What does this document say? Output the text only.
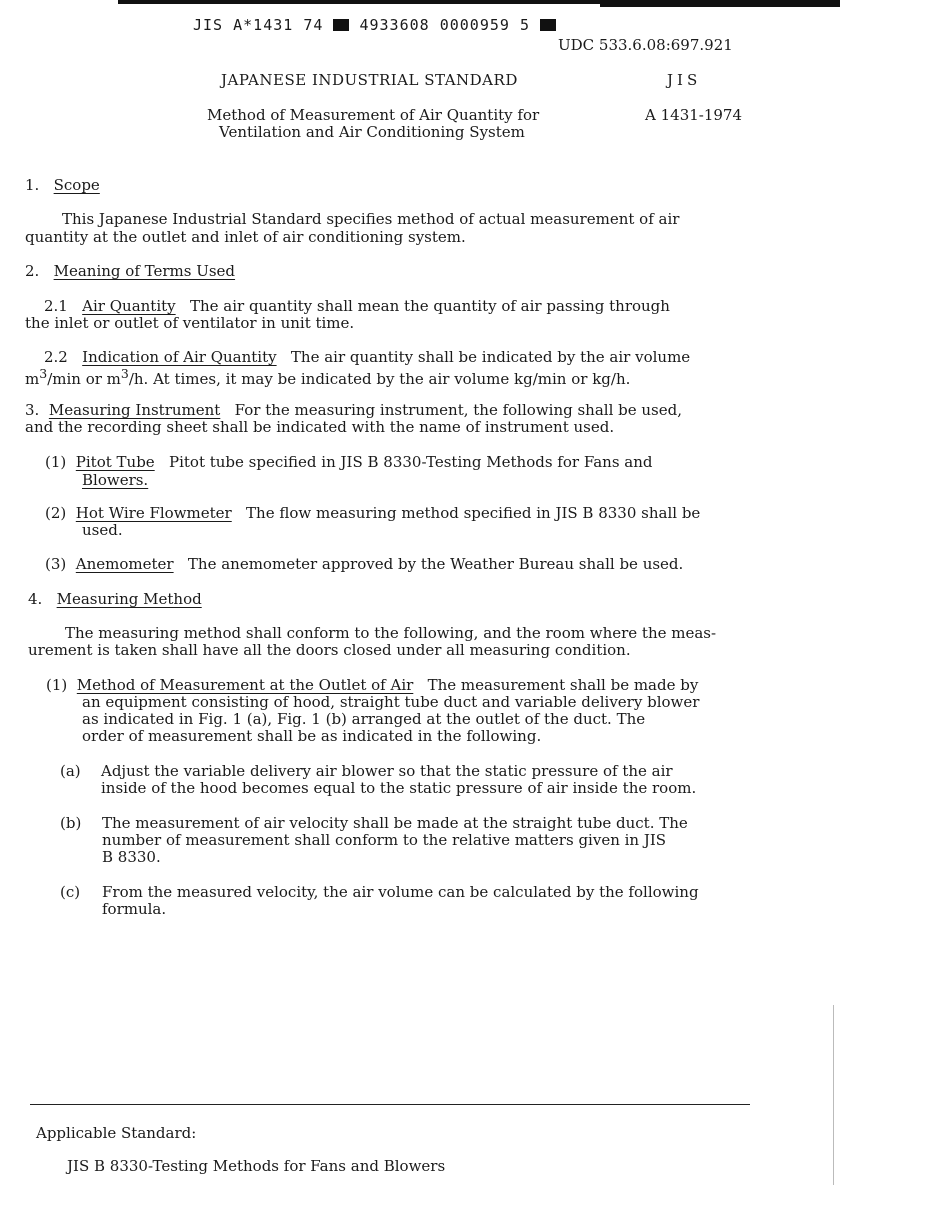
JIS A*1431 74 4933608 0000959 5
UDC 533.6.08:697.921
JAPANESE INDUSTRIAL STANDARD	JIS
Method of Measurement of Air Quantity for
Ventilation and Air Conditioning System
A 1431-1974
1. Scope
This Japanese Industrial Standard specifies method of actual measurement of air
quantity at the outlet and inlet of air conditioning system.
2. Meaning of Terms Used
2.1 Air Quantity The air quantity shall mean the quantity of air passing through
the inlet or outlet of ventilator in unit time.
2.2 Indication of Air Quantity The air quantity shall be indicated by the air volume
$m^3/\min$ or $m^3/h$. At times, it may be indicated by the air volume kg/min or kg/h.
3. Measuring Instrument For the measuring instrument, the following shall be used,
and the recording sheet shall be indicated with the name of instrument used.
(1) Pitot Tube Pitot tube specified in JIS B 8330-Testing Methods for Fans and
Blowers.
(2) Hot Wire Flowmeter The flow measuring method specified in JIS B 8330 shall be
used.
(3) Anemometer The anemometer approved by the Weather Bureau shall be used.
4. Measuring Method
The measuring method shall conform to the following, and the room where the meas-
urement is taken shall have all the doors closed under all measuring condition.
(1) Method of Measurement at the Outlet of Air The measurement shall be made by
an equipment consisting of hood, straight tube duct and variable delivery blower
as indicated in Fig. 1 (a), Fig. 1 (b) arranged at the outlet of the duct. The
order of measurement shall be as indicated in the following.
(a) Adjust the variable delivery air blower so that the static pressure of the air
inside of the hood becomes equal to the static pressure of air inside the room.
(b) The measurement of air velocity shall be made at the straight tube duct. The
number of measurement shall conform to the relative matters given in JIS
B 8330.
(c) From the measured velocity, the air volume can be calculated by the following
formula.
Applicable Standard:
JIS B 8330-Testing Methods for Fans and Blowers
